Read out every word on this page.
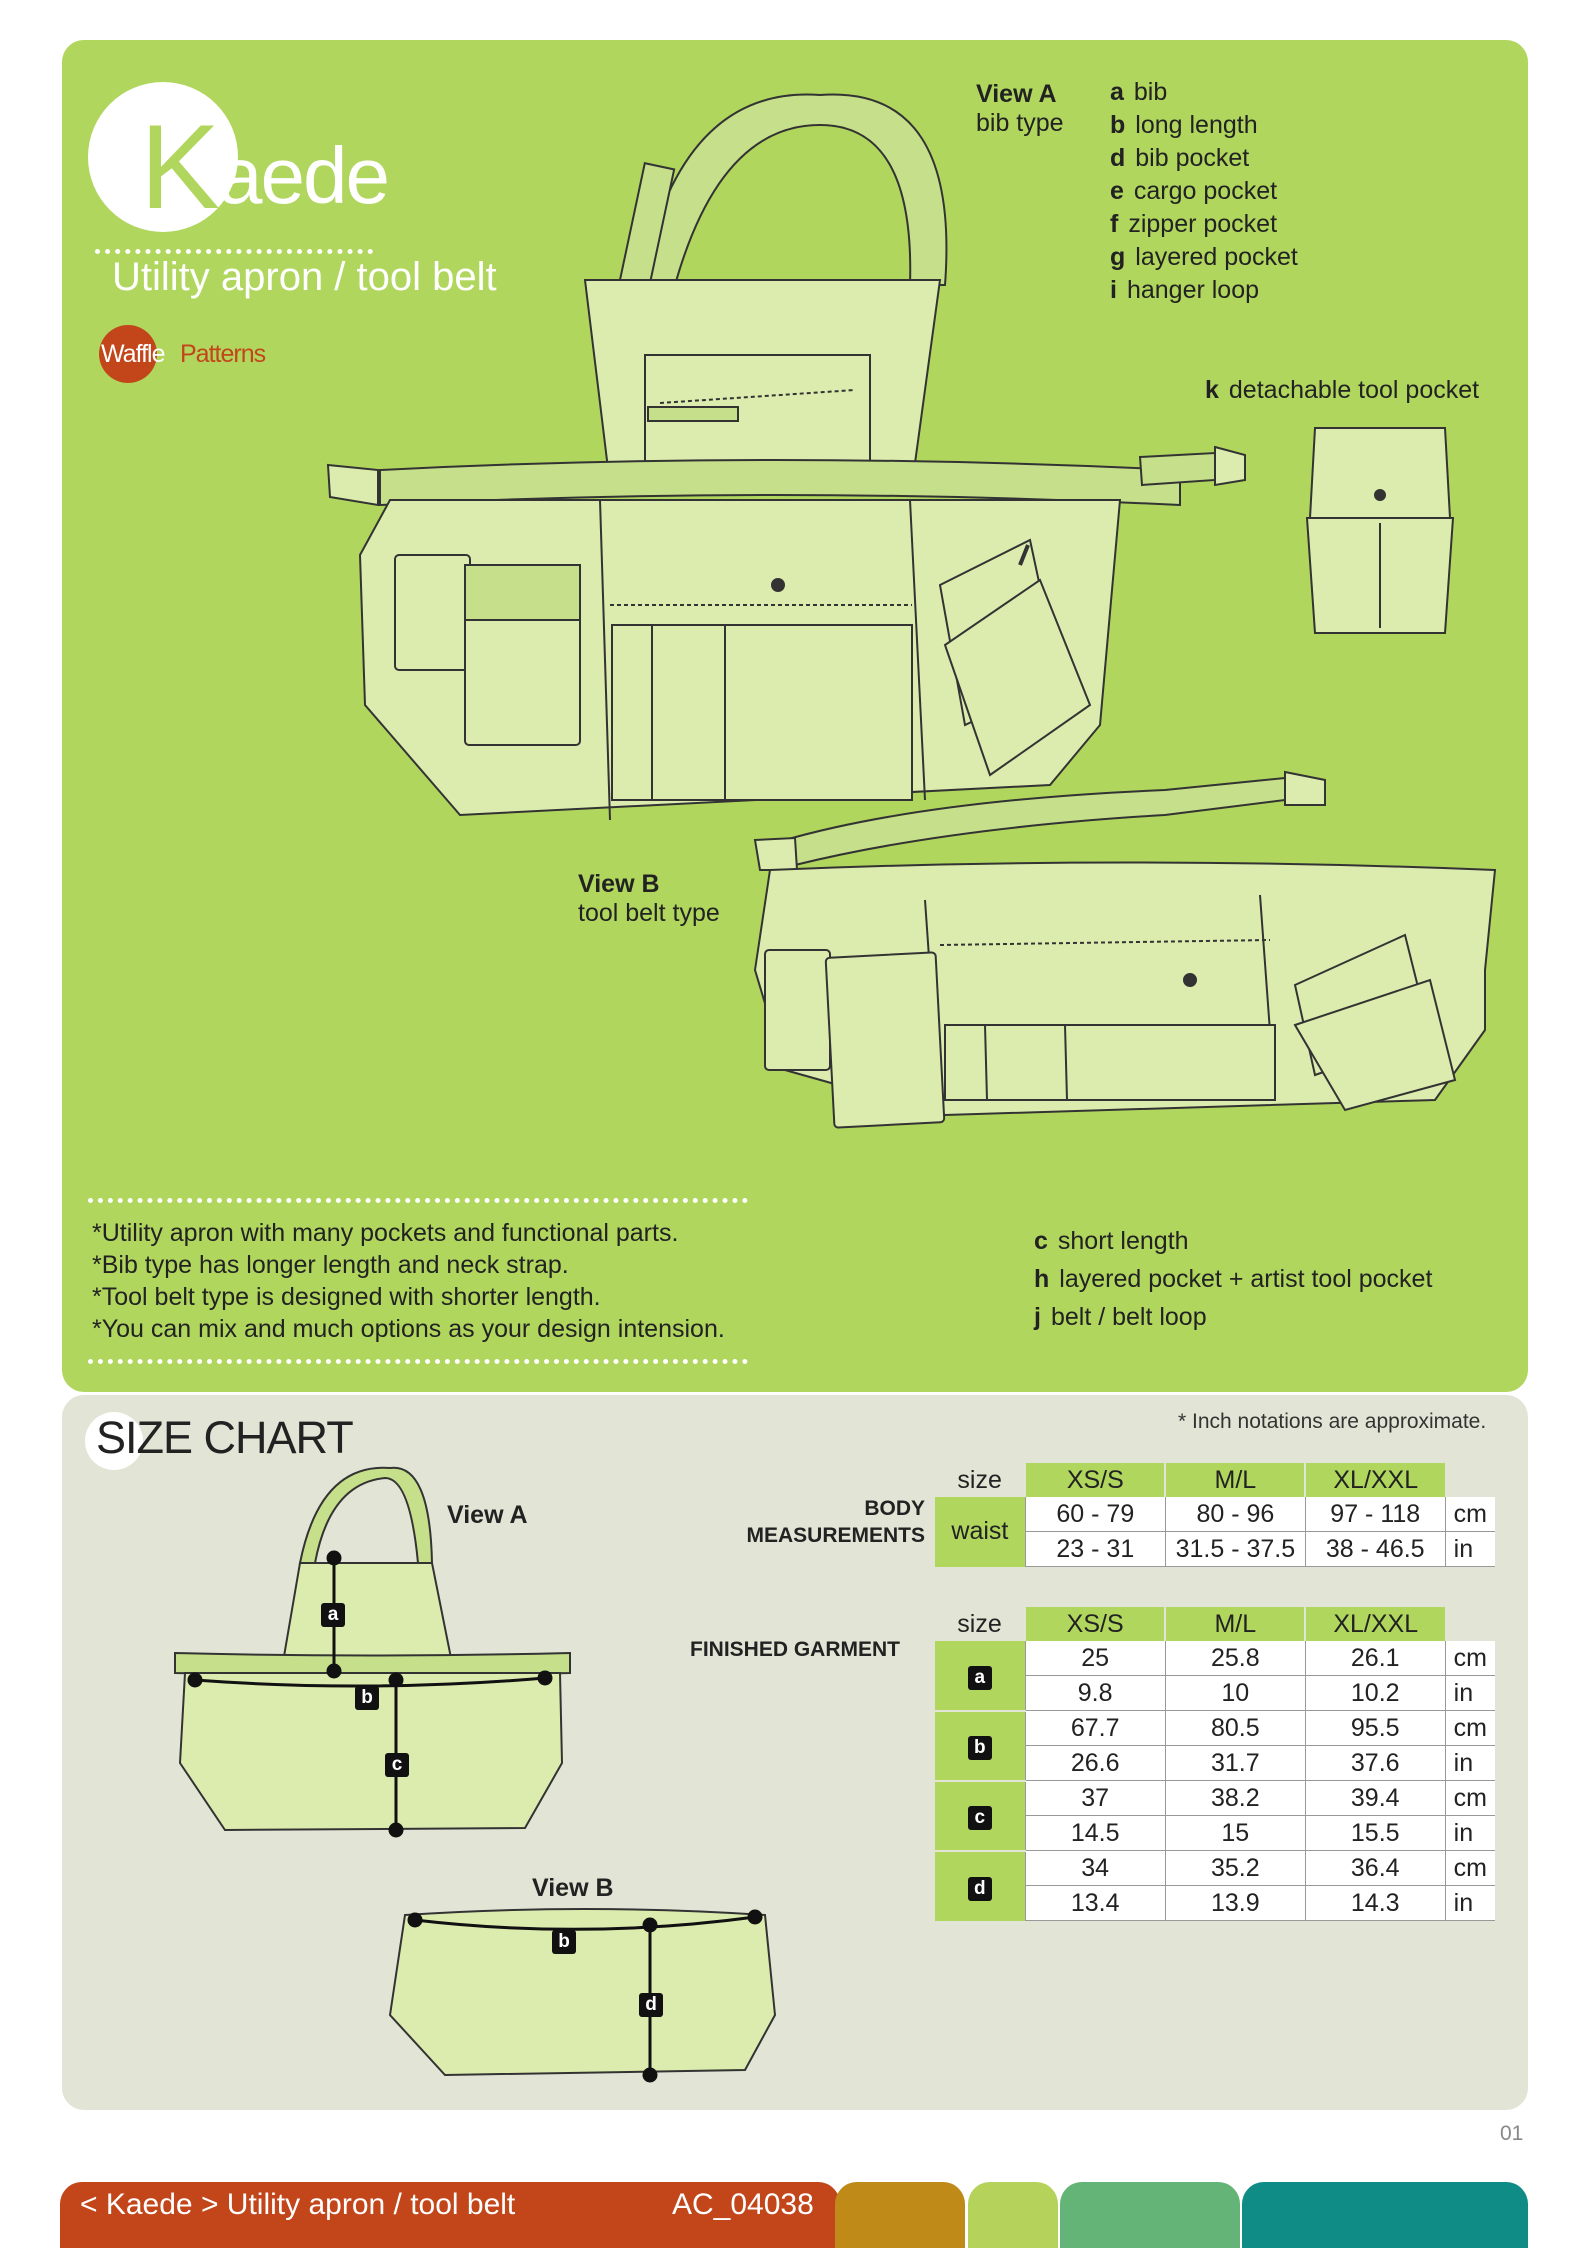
K aede
Utility apron / tool belt
Waffle Patterns
View A
bib type
a bib
b long length
d bib pocket
e cargo pocket
f zipper pocket
g layered pocket
i hanger loop
k detachable tool pocket
View B
tool belt type
*Utility apron with many pockets and functional parts.
*Bib type has longer length and neck strap.
*Tool belt type is designed with shorter length.
*You can mix and much options as your design intension.
c short length
h layered pocket + artist tool pocket
j belt / belt loop
SIZE CHART	* Inch notations are approximate.
View A
View B
a
b
c
b
d
BODY
MEASUREMENTS
size	XS/S	M/L	XL/XXL	
waist	60 - 79	80 - 96	97 - 118	cm
	23 - 31	31.5 - 37.5	38 - 46.5	in
FINISHED GARMENT
size	XS/S	M/L	XL/XXL	
a	25	25.8	26.1	cm
	9.8	10	10.2	in
b	67.7	80.5	95.5	cm
	26.6	31.7	37.6	in
c	37	38.2	39.4	cm
	14.5	15	15.5	in
d	34	35.2	36.4	cm
	13.4	13.9	14.3	in
01
< Kaede > Utility apron / tool belt	AC_04038
